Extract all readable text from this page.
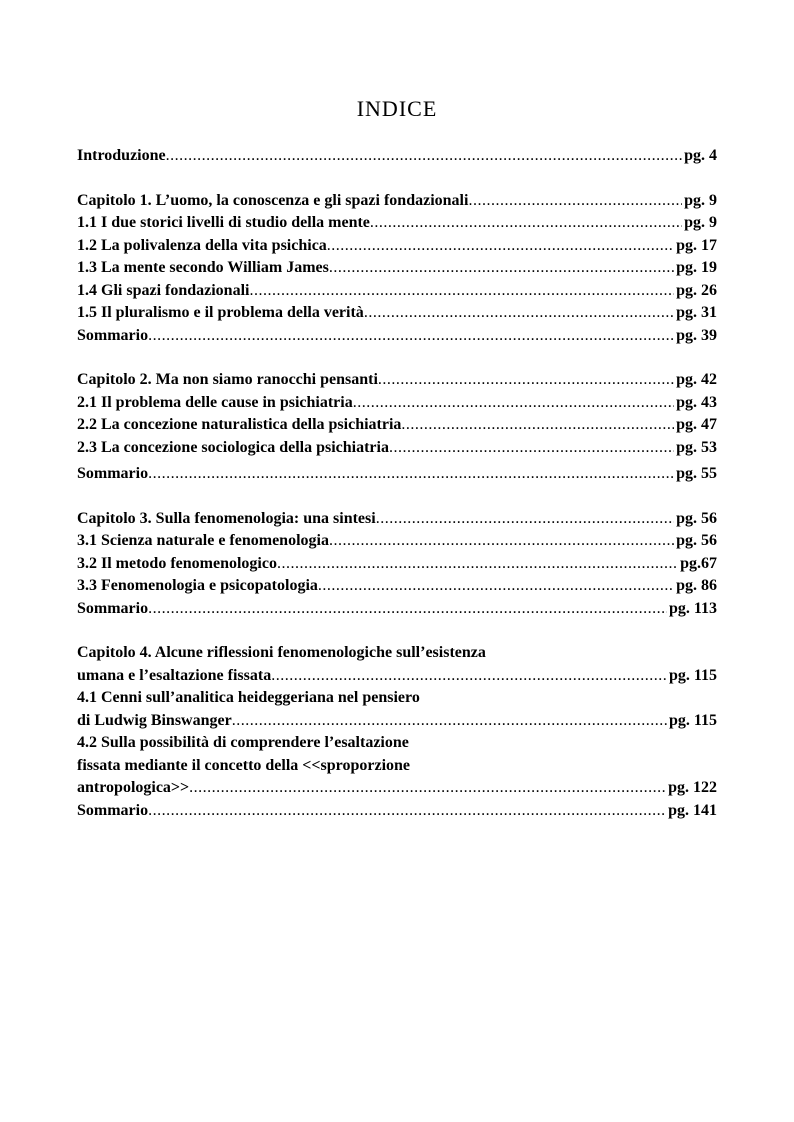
INDICE
Introduzione .....	pg. 4
Capitolo 1. L’uomo, la conoscenza e gli spazi fondazionali .....	pg. 9
1.1 I due storici livelli di studio della mente .....	pg. 9
1.2 La polivalenza della vita psichica .....	pg. 17
1.3 La mente secondo William James .....	pg. 19
1.4 Gli spazi fondazionali .....	pg. 26
1.5 Il pluralismo e il problema della verità .....	pg. 31
Sommario .....	pg. 39
Capitolo 2. Ma non siamo ranocchi pensanti .....	pg. 42
2.1 Il problema delle cause in psichiatria .....	pg. 43
2.2 La concezione naturalistica della psichiatria .....	pg. 47
2.3 La concezione sociologica della psichiatria .....	pg. 53
Sommario .....	pg. 55
Capitolo 3. Sulla fenomenologia: una sintesi .....	pg. 56
3.1 Scienza naturale e fenomenologia .....	pg. 56
3.2 Il metodo fenomenologico .....	pg.67
3.3 Fenomenologia e psicopatologia .....	pg. 86
Sommario .....	pg. 113
Capitolo 4. Alcune riflessioni fenomenologiche sull’esistenza
umana e l’esaltazione fissata .....	pg. 115
4.1 Cenni sull’analitica heideggeriana nel pensiero
di Ludwig Binswanger .....	pg. 115
4.2 Sulla possibilità di comprendere l’esaltazione
fissata mediante il concetto della <<sproporzione
antropologica>> .....	pg. 122
Sommario .....	pg. 141
